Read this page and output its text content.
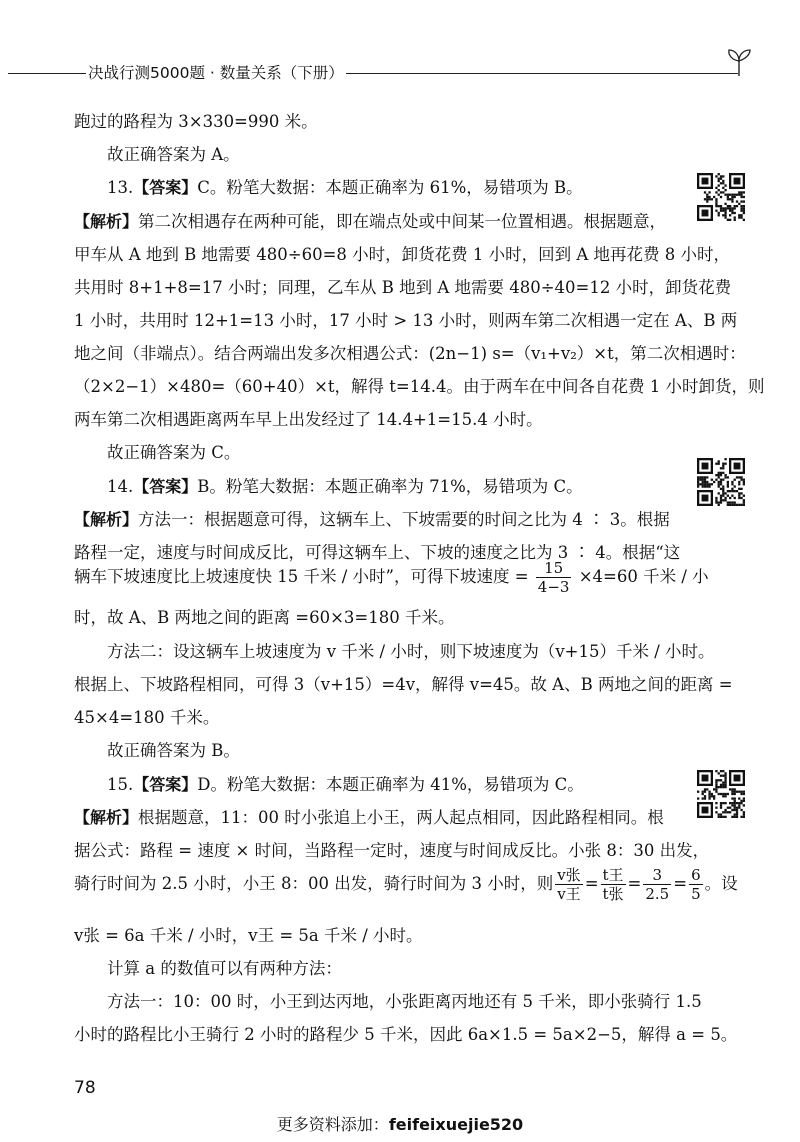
决战行测5000题 · 数量关系（下册）
跑过的路程为 3×330=990 米。
故正确答案为 A。
13.【答案】C。粉笔大数据：本题正确率为 61%，易错项为 B。
【解析】第二次相遇存在两种可能，即在端点处或中间某一位置相遇。根据题意，
甲车从 A 地到 B 地需要 480÷60=8 小时，卸货花费 1 小时，回到 A 地再花费 8 小时，
共用时 8+1+8=17 小时；同理，乙车从 B 地到 A 地需要 480÷40=12 小时，卸货花费
1 小时，共用时 12+1=13 小时，17 小时 > 13 小时，则两车第二次相遇一定在 A、B 两
地之间（非端点）。结合两端出发多次相遇公式：(2n−1) s=（v₁+v₂）×t，第二次相遇时：
（2×2−1）×480=（60+40）×t，解得 t=14.4。由于两车在中间各自花费 1 小时卸货，则
两车第二次相遇距离两车早上出发经过了 14.4+1=15.4 小时。
故正确答案为 C。
14.【答案】B。粉笔大数据：本题正确率为 71%，易错项为 C。
【解析】方法一：根据题意可得，这辆车上、下坡需要的时间之比为 4 ∶ 3。根据
路程一定，速度与时间成反比，可得这辆车上、下坡的速度之比为 3 ∶ 4。根据“这
辆车下坡速度比上坡速度快 15 千米 / 小时”，可得下坡速度 = $\frac{15}{4-3} \times 4=60$ 千米 / 小
时，故 A、B 两地之间的距离 =60×3=180 千米。
方法二：设这辆车上坡速度为 v 千米 / 小时，则下坡速度为（v+15）千米 / 小时。
根据上、下坡路程相同，可得 3（v+15）=4v，解得 v=45。故 A、B 两地之间的距离 =
45×4=180 千米。
故正确答案为 B。
15.【答案】D。粉笔大数据：本题正确率为 41%，易错项为 C。
【解析】根据题意，11：00 时小张追上小王，两人起点相同，因此路程相同。根
据公式：路程 = 速度 × 时间，当路程一定时，速度与时间成反比。小张 8：30 出发，
骑行时间为 2.5 小时，小王 8：00 出发，骑行时间为 3 小时，则 $\frac{\text{v张}}{\text{v王}} = \frac{\text{t王}}{\text{t张}} = \frac{3}{2.5} = \frac{6}{5}$ 。设
v张 = 6a 千米 / 小时，v王 = 5a 千米 / 小时。
计算 a 的数值可以有两种方法：
方法一：10：00 时，小王到达丙地，小张距离丙地还有 5 千米，即小张骑行 1.5
小时的路程比小王骑行 2 小时的路程少 5 千米，因此 6a×1.5 = 5a×2−5，解得 a = 5。
78
更多资料添加：feifeixuejie520
